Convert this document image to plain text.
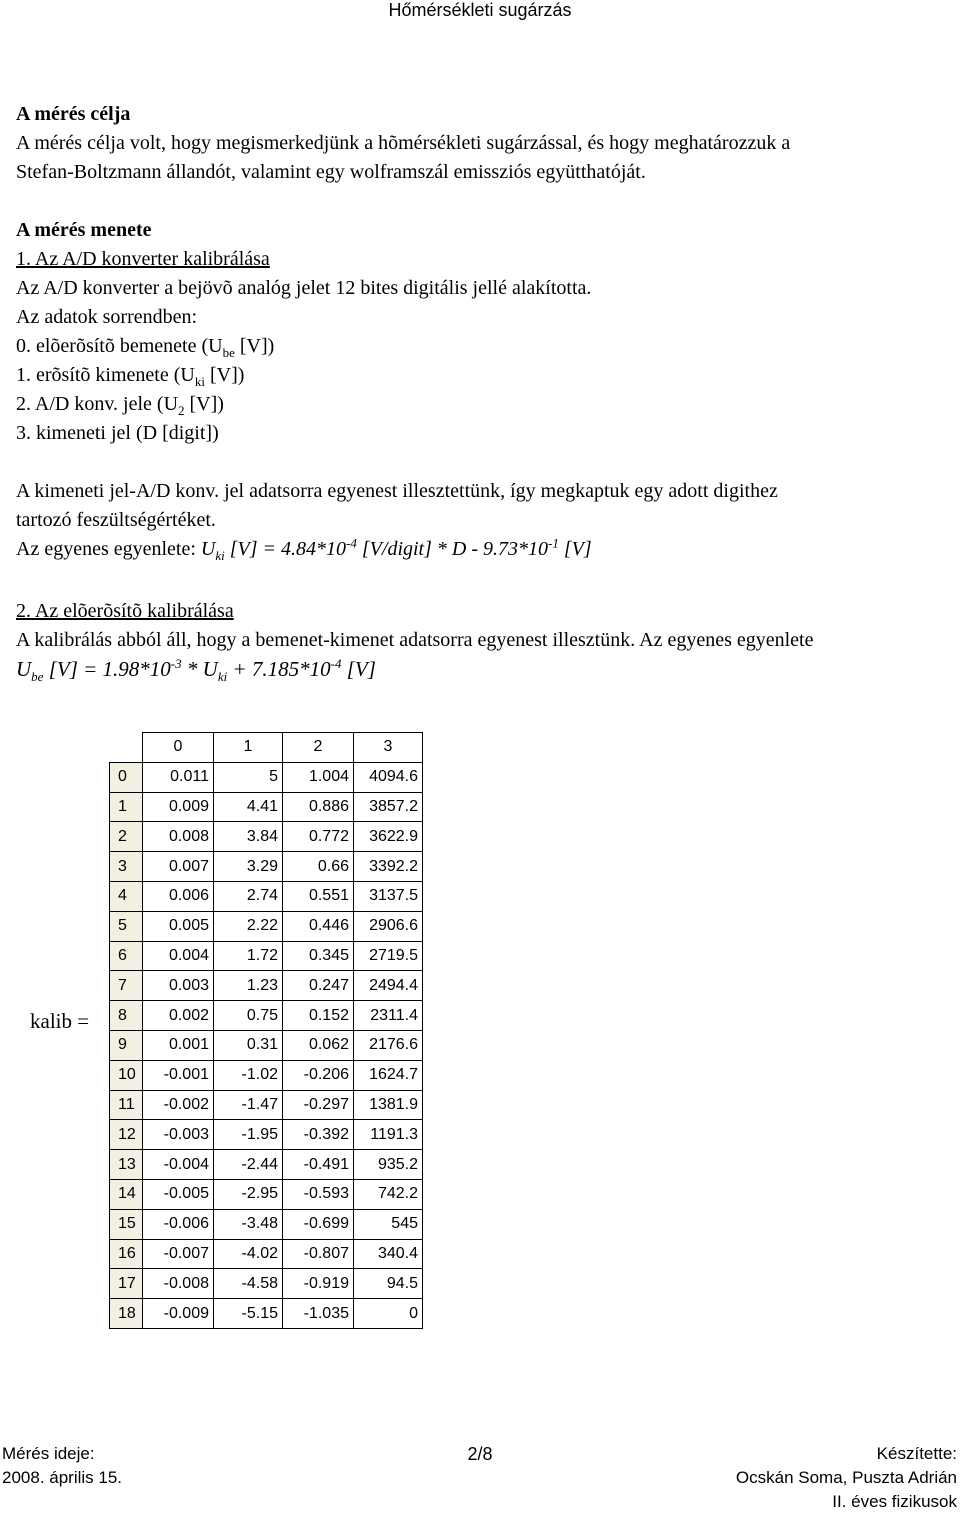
Hőmérsékleti sugárzás
A mérés célja
A mérés célja volt, hogy megismerkedjünk a hõmérsékleti sugárzással, és hogy meghatározzuk a
Stefan-Boltzmann állandót, valamint egy wolframszál emissziós együtthatóját.
A mérés menete
1. Az A/D konverter kalibrálása
Az A/D konverter a bejövõ analóg jelet 12 bites digitális jellé alakította.
Az adatok sorrendben:
0. elõerõsítõ bemenete ($U_{be}$ [V])
1. erõsítõ kimenete ($U_{ki}$ [V])
2. A/D konv. jele ($U_2$ [V])
3. kimeneti jel (D [digit])
A kimeneti jel-A/D konv. jel adatsorra egyenest illesztettünk, így megkaptuk egy adott digithez
tartozó feszültségértéket.
Az egyenes egyenlete: $U_{ki}$ $[V] = 4.84*10^{-4}$ [V/digit] * D - $9.73*10^{-1}$ [V]
2. Az elõerõsítõ kalibrálása
A kalibrálás abból áll, hogy a bemenet-kimenet adatsorra egyenest illesztünk. Az egyenes egyenlete
$U_{be}$ $[V] = 1.98*10^{-3} * U_{ki} + 7.185*10^{-4}$ [V]
kalib =
	0	1	2	3
0	0.011	5	1.004	4094.6
1	0.009	4.41	0.886	3857.2
2	0.008	3.84	0.772	3622.9
3	0.007	3.29	0.66	3392.2
4	0.006	2.74	0.551	3137.5
5	0.005	2.22	0.446	2906.6
6	0.004	1.72	0.345	2719.5
7	0.003	1.23	0.247	2494.4
8	0.002	0.75	0.152	2311.4
9	0.001	0.31	0.062	2176.6
10	-0.001	-1.02	-0.206	1624.7
11	-0.002	-1.47	-0.297	1381.9
12	-0.003	-1.95	-0.392	1191.3
13	-0.004	-2.44	-0.491	935.2
14	-0.005	-2.95	-0.593	742.2
15	-0.006	-3.48	-0.699	545
16	-0.007	-4.02	-0.807	340.4
17	-0.008	-4.58	-0.919	94.5
18	-0.009	-5.15	-1.035	0
Mérés ideje:
2008. április 15.
2/8	Készítette:
Ocskán Soma, Puszta Adrián
II. éves fizikusok
